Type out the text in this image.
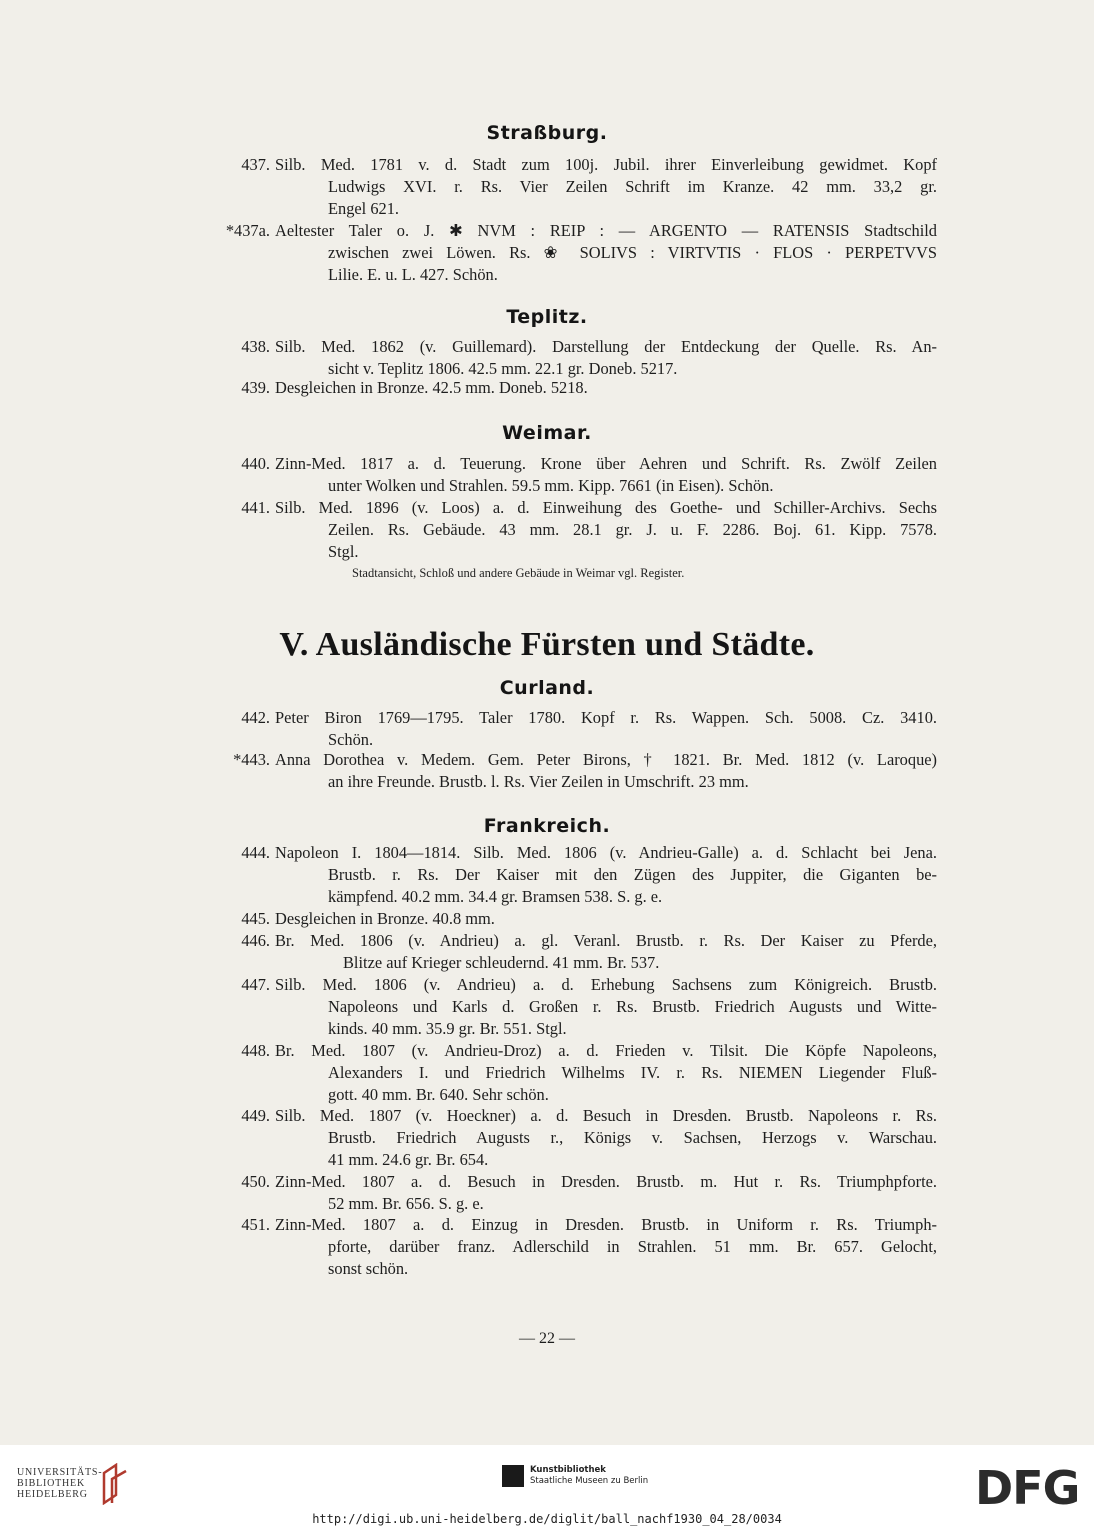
Straßburg.
437. Silb. Med. 1781 v. d. Stadt zum 100j. Jubil. ihrer Einverleibung gewidmet. Kopf
Ludwigs XVI. r. Rs. Vier Zeilen Schrift im Kranze. 42 mm. 33,2 gr.
Engel 621.
*437a. Aeltester Taler o. J. ✱ NVM : REIP : — ARGENTO — RATENSIS Stadtschild
zwischen zwei Löwen. Rs. ❀ SOLIVS : VIRTVTIS · FLOS · PERPETVVS
Lilie. E. u. L. 427. Schön.
Teplitz.
438. Silb. Med. 1862 (v. Guillemard). Darstellung der Entdeckung der Quelle. Rs. An-
sicht v. Teplitz 1806. 42.5 mm. 22.1 gr. Doneb. 5217.
439. Desgleichen in Bronze. 42.5 mm. Doneb. 5218.
Weimar.
440. Zinn-Med. 1817 a. d. Teuerung. Krone über Aehren und Schrift. Rs. Zwölf Zeilen
unter Wolken und Strahlen. 59.5 mm. Kipp. 7661 (in Eisen). Schön.
441. Silb. Med. 1896 (v. Loos) a. d. Einweihung des Goethe- und Schiller-Archivs. Sechs
Zeilen. Rs. Gebäude. 43 mm. 28.1 gr. J. u. F. 2286. Boj. 61. Kipp. 7578.
Stgl.
Stadtansicht, Schloß und andere Gebäude in Weimar vgl. Register.
V. Ausländische Fürsten und Städte.
Curland.
442. Peter Biron 1769—1795. Taler 1780. Kopf r. Rs. Wappen. Sch. 5008. Cz. 3410.
Schön.
*443. Anna Dorothea v. Medem. Gem. Peter Birons, † 1821. Br. Med. 1812 (v. Laroque)
an ihre Freunde. Brustb. l. Rs. Vier Zeilen in Umschrift. 23 mm.
Frankreich.
444. Napoleon I. 1804—1814. Silb. Med. 1806 (v. Andrieu-Galle) a. d. Schlacht bei Jena.
Brustb. r. Rs. Der Kaiser mit den Zügen des Juppiter, die Giganten be-
kämpfend. 40.2 mm. 34.4 gr. Bramsen 538. S. g. e.
445. Desgleichen in Bronze. 40.8 mm.
446. Br. Med. 1806 (v. Andrieu) a. gl. Veranl. Brustb. r. Rs. Der Kaiser zu Pferde,
Blitze auf Krieger schleudernd. 41 mm. Br. 537.
447. Silb. Med. 1806 (v. Andrieu) a. d. Erhebung Sachsens zum Königreich. Brustb.
Napoleons und Karls d. Großen r. Rs. Brustb. Friedrich Augusts und Witte-
kinds. 40 mm. 35.9 gr. Br. 551. Stgl.
448. Br. Med. 1807 (v. Andrieu-Droz) a. d. Frieden v. Tilsit. Die Köpfe Napoleons,
Alexanders I. und Friedrich Wilhelms IV. r. Rs. NIEMEN Liegender Fluß-
gott. 40 mm. Br. 640. Sehr schön.
449. Silb. Med. 1807 (v. Hoeckner) a. d. Besuch in Dresden. Brustb. Napoleons r. Rs.
Brustb. Friedrich Augusts r., Königs v. Sachsen, Herzogs v. Warschau.
41 mm. 24.6 gr. Br. 654.
450. Zinn-Med. 1807 a. d. Besuch in Dresden. Brustb. m. Hut r. Rs. Triumphpforte.
52 mm. Br. 656. S. g. e.
451. Zinn-Med. 1807 a. d. Einzug in Dresden. Brustb. in Uniform r. Rs. Triumph-
pforte, darüber franz. Adlerschild in Strahlen. 51 mm. Br. 657. Gelocht,
sonst schön.
— 22 —
UNIVERSITÄTS-
BIBLIOTHEK
HEIDELBERG
Kunstbibliothek
Staatliche Museen zu Berlin	DFG
http://digi.ub.uni-heidelberg.de/diglit/ball_nachf1930_04_28/0034
